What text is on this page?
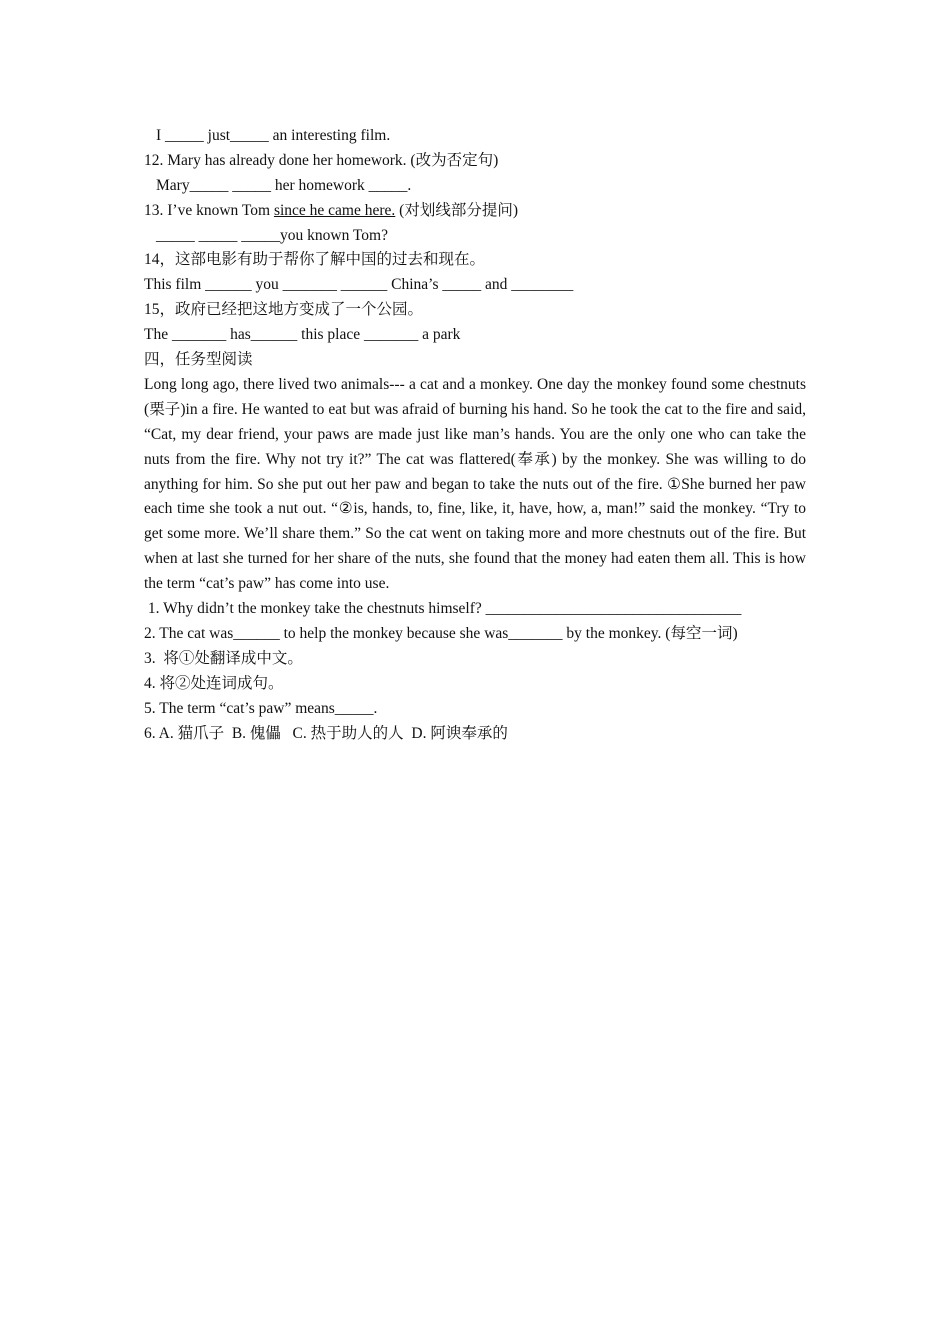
I _____ just_____ an interesting film.
12. Mary has already done her homework. (改为否定句)
Mary_____ _____ her homework _____.
13. I’ve known Tom since he came here. (对划线部分提问)
_____ _____ _____you known Tom?
14，这部电影有助于帮你了解中国的过去和现在。
This film ______ you _______ ______ China’s _____ and ________
15，政府已经把这地方变成了一个公园。
The _______ has______ this place _______ a park
四，任务型阅读

Long long ago, there lived two animals--- a cat and a monkey. One day the monkey found some chestnuts (栗子)in a fire. He wanted to eat but was afraid of burning his hand. So he took the cat to the fire and said, “Cat, my dear friend, your paws are made just like man’s hands. You are the only one who can take the nuts from the fire. Why not try it?” The cat was flattered(奉承) by the monkey. She was willing to do anything for him. So she put out her paw and began to take the nuts out of the fire. ①She burned her paw each time she took a nut out. “②is, hands, to, fine, like, it, have, how, a, man!” said the monkey. “Try to get some more. We’ll share them.” So the cat went on taking more and more chestnuts out of the fire. But when at last she turned for her share of the nuts, she found that the money had eaten them all. This is how the term “cat’s paw” has come into use.

1. Why didn’t the monkey take the chestnuts himself? _________________________________
2. The cat was______ to help the monkey because she was_______ by the monkey. (每空一词)
3.  将①处翻译成中文。
4. 将②处连词成句。
5. The term “cat’s paw” means_____.
6. A. 猫爪子  B. 傀儡   C. 热于助人的人  D. 阿谀奉承的
